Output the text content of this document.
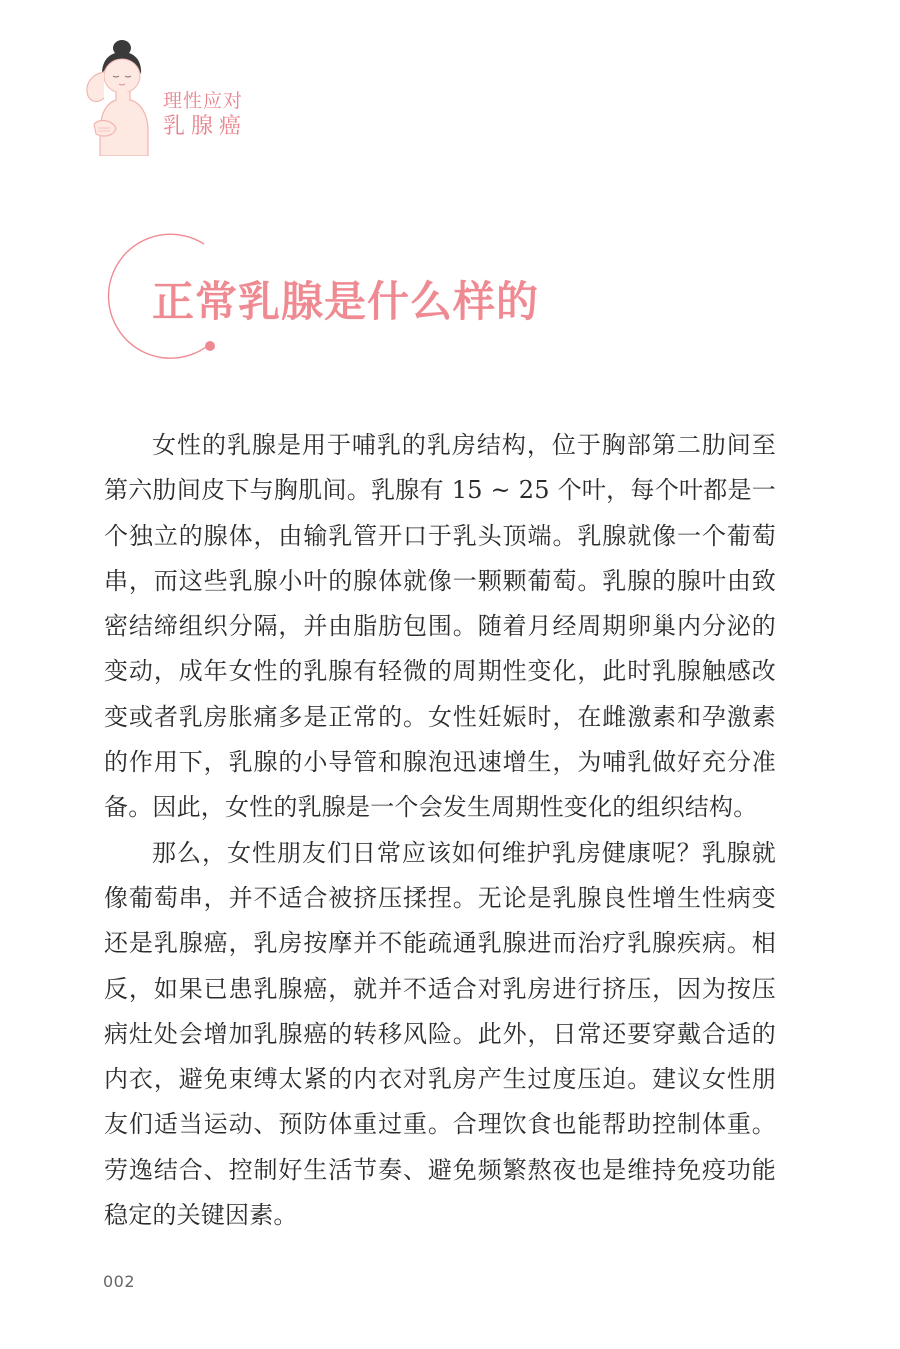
理性应对
乳腺癌
正常乳腺是什么样的

女性的乳腺是用于哺乳的乳房结构，位于胸部第二肋间至第六肋间皮下与胸肌间。乳腺有 15 ~ 25 个叶，每个叶都是一个独立的腺体，由输乳管开口于乳头顶端。乳腺就像一个葡萄串，而这些乳腺小叶的腺体就像一颗颗葡萄。乳腺的腺叶由致密结缔组织分隔，并由脂肪包围。随着月经周期卵巢内分泌的变动，成年女性的乳腺有轻微的周期性变化，此时乳腺触感改变或者乳房胀痛多是正常的。女性妊娠时，在雌激素和孕激素的作用下，乳腺的小导管和腺泡迅速增生，为哺乳做好充分准备。因此，女性的乳腺是一个会发生周期性变化的组织结构。

那么，女性朋友们日常应该如何维护乳房健康呢？乳腺就像葡萄串，并不适合被挤压揉捏。无论是乳腺良性增生性病变还是乳腺癌，乳房按摩并不能疏通乳腺进而治疗乳腺疾病。相反，如果已患乳腺癌，就并不适合对乳房进行挤压，因为按压病灶处会增加乳腺癌的转移风险。此外，日常还要穿戴合适的内衣，避免束缚太紧的内衣对乳房产生过度压迫。建议女性朋友们适当运动、预防体重过重。合理饮食也能帮助控制体重。劳逸结合、控制好生活节奏、避免频繁熬夜也是维持免疫功能稳定的关键因素。

002
